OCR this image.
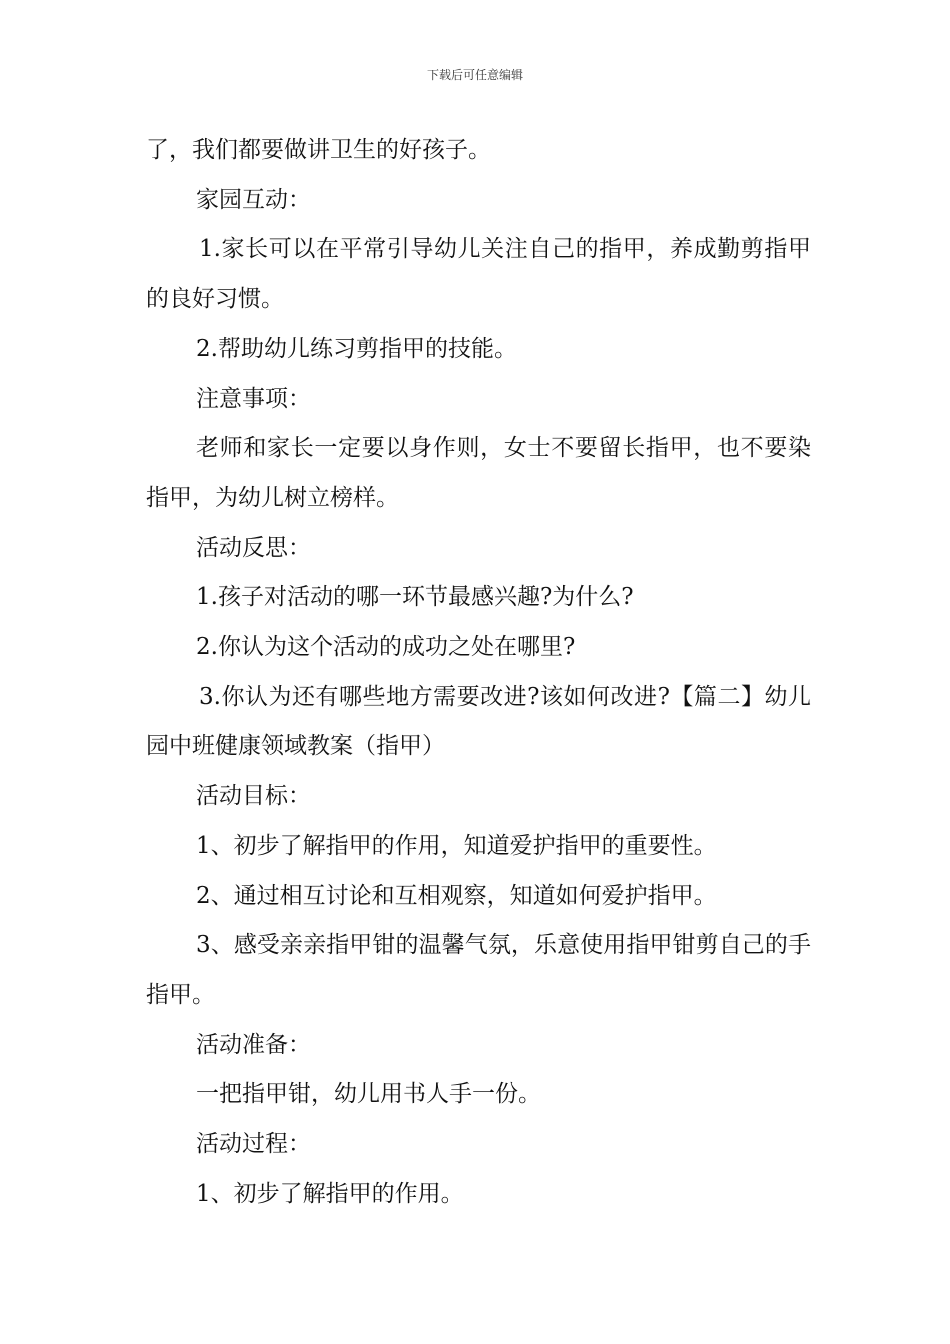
下载后可任意编辑

了，我们都要做讲卫生的好孩子。

家园互动：

1.家长可以在平常引导幼儿关注自己的指甲，养成勤剪指甲的良好习惯。

2.帮助幼儿练习剪指甲的技能。

注意事项：

老师和家长一定要以身作则，女士不要留长指甲，也不要染指甲，为幼儿树立榜样。

活动反思：

1.孩子对活动的哪一环节最感兴趣?为什么?

2.你认为这个活动的成功之处在哪里?

3.你认为还有哪些地方需要改进?该如何改进?【篇二】幼儿园中班健康领域教案（指甲）

活动目标：

1、初步了解指甲的作用，知道爱护指甲的重要性。

2、通过相互讨论和互相观察，知道如何爱护指甲。

3、感受亲亲指甲钳的温馨气氛，乐意使用指甲钳剪自己的手指甲。

活动准备：

一把指甲钳，幼儿用书人手一份。

活动过程：

1、初步了解指甲的作用。
